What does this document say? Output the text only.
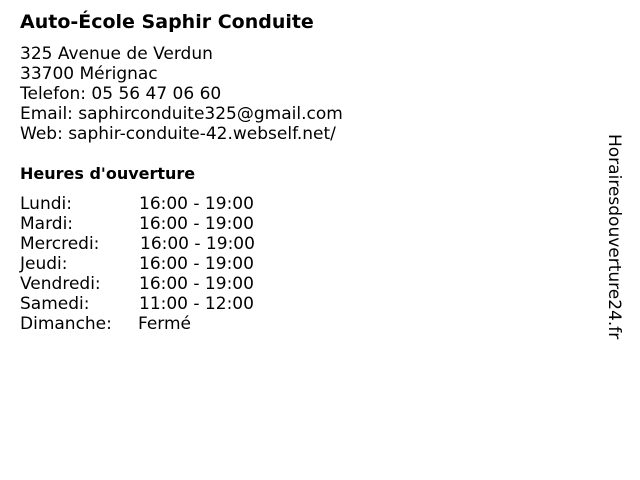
Auto-École Saphir Conduite
325 Avenue de Verdun
33700 Mérignac
Telefon: 05 56 47 06 60
Email: saphirconduite325@gmail.com
Web: saphir-conduite-42.webself.net/
Heures d'ouverture
Lundi:	16:00 - 19:00
Mardi:	16:00 - 19:00
Mercredi: 16:00 - 19:00
Jeudi:	16:00 - 19:00
Vendredi: 16:00 - 19:00
Samedi:	11:00 - 12:00
Dimanche: Fermé	Horairesdouverture24.fr
